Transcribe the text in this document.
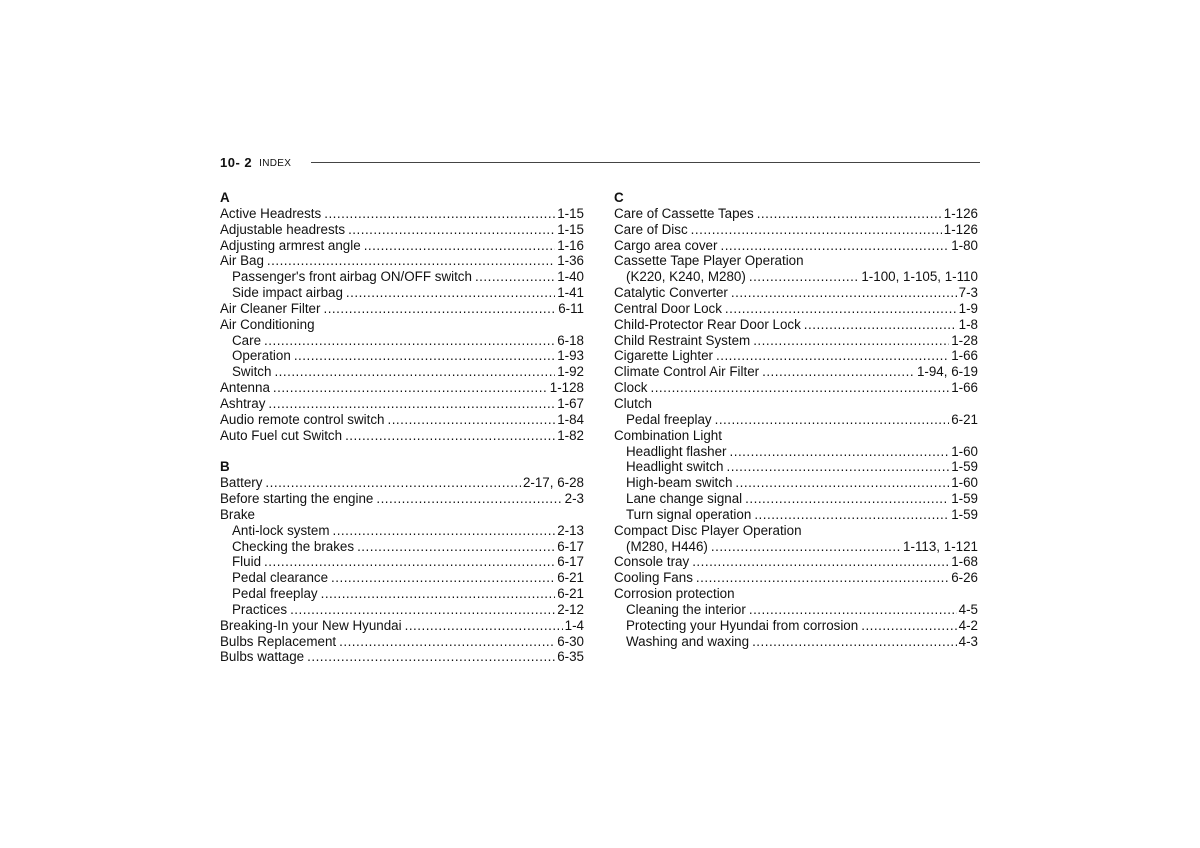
10- 2 INDEX
A
Active Headrests .....	1-15
Adjustable headrests .....	1-15
Adjusting armrest angle .....	1-16
Air Bag .....	1-36
Passenger's front airbag ON/OFF switch .....	1-40
Side impact airbag .....	1-41
Air Cleaner Filter .....	6-11
Air Conditioning
Care .....	6-18
Operation .....	1-93
Switch .....	1-92
Antenna .....	1-128
Ashtray .....	1-67
Audio remote control switch .....	1-84
Auto Fuel cut Switch .....	1-82
B
Battery .....	2-17, 6-28
Before starting the engine .....	2-3
Brake
Anti-lock system .....	2-13
Checking the brakes .....	6-17
Fluid .....	6-17
Pedal clearance .....	6-21
Pedal freeplay .....	6-21
Practices .....	2-12
Breaking-In your New Hyundai .....	1-4
Bulbs Replacement .....	6-30
Bulbs wattage .....	6-35
C
Care of Cassette Tapes .....	1-126
Care of Disc .....	1-126
Cargo area cover .....	1-80
Cassette Tape Player Operation
(K220, K240, M280) .....	1-100, 1-105, 1-110
Catalytic Converter .....	7-3
Central Door Lock .....	1-9
Child-Protector Rear Door Lock .....	1-8
Child Restraint System .....	1-28
Cigarette Lighter .....	1-66
Climate Control Air Filter .....	1-94, 6-19
Clock .....	1-66
Clutch
Pedal freeplay .....	6-21
Combination Light
Headlight flasher .....	1-60
Headlight switch .....	1-59
High-beam switch .....	1-60
Lane change signal .....	1-59
Turn signal operation .....	1-59
Compact Disc Player Operation
(M280, H446) .....	1-113, 1-121
Console tray .....	1-68
Cooling Fans .....	6-26
Corrosion protection
Cleaning the interior .....	4-5
Protecting your Hyundai from corrosion .....	4-2
Washing and waxing .....	4-3
